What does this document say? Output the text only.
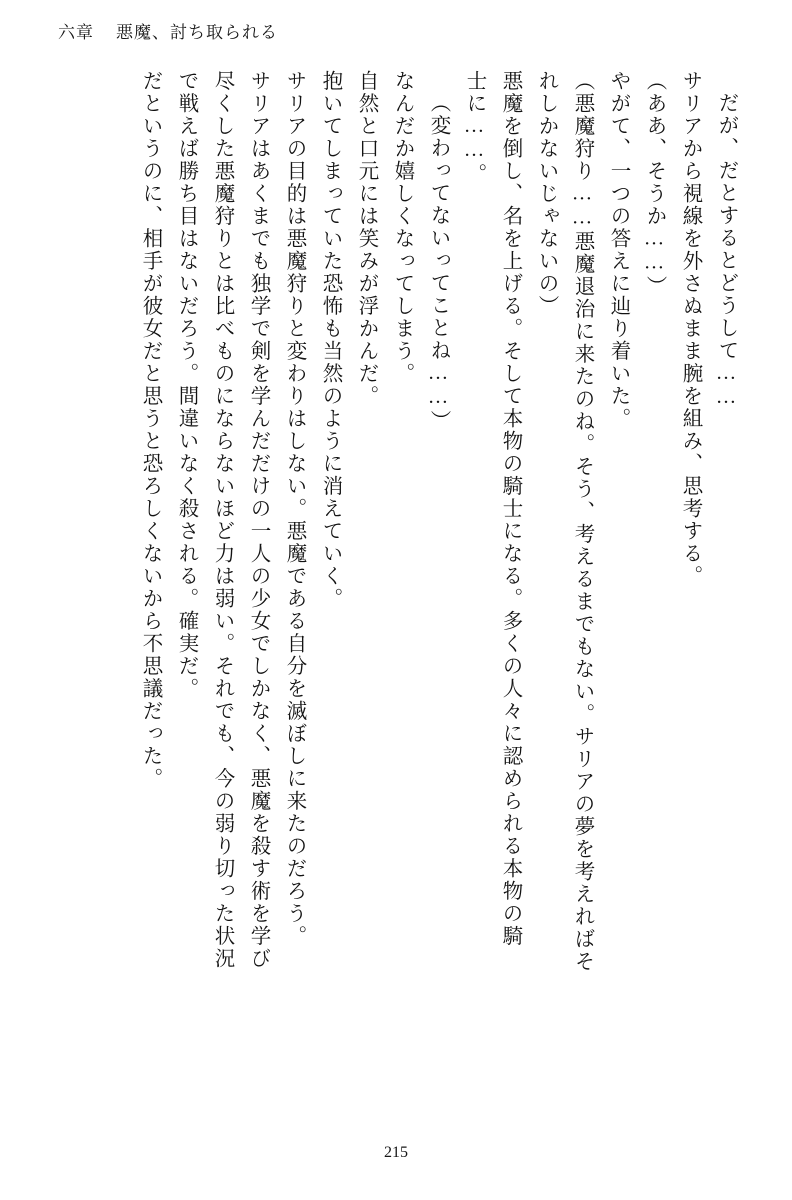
六章 悪魔、討ち取られる
だが、だとするとどうして……
サリアから視線を外さぬまま腕を組み、思考する。
（ああ、そうか……）
やがて、一つの答えに辿り着いた。
（悪魔狩り……悪魔退治に来たのね。そう、考えるまでもない。サリアの夢を考えればそ
れしかないじゃないの）
悪魔を倒し、名を上げる。そして本物の騎士になる。多くの人々に認められる本物の騎
士に……。
（変わってないってことね……）
なんだか嬉しくなってしまう。
自然と口元には笑みが浮かんだ。
抱いてしまっていた恐怖も当然のように消えていく。
サリアの目的は悪魔狩りと変わりはしない。悪魔である自分を滅ぼしに来たのだろう。
サリアはあくまでも独学で剣を学んだだけの一人の少女でしかなく、悪魔を殺す術を学び
尽くした悪魔狩りとは比べものにならないほど力は弱い。それでも、今の弱り切った状況
で戦えば勝ち目はないだろう。間違いなく殺される。確実だ。
だというのに、相手が彼女だと思うと恐ろしくないから不思議だった。
215
